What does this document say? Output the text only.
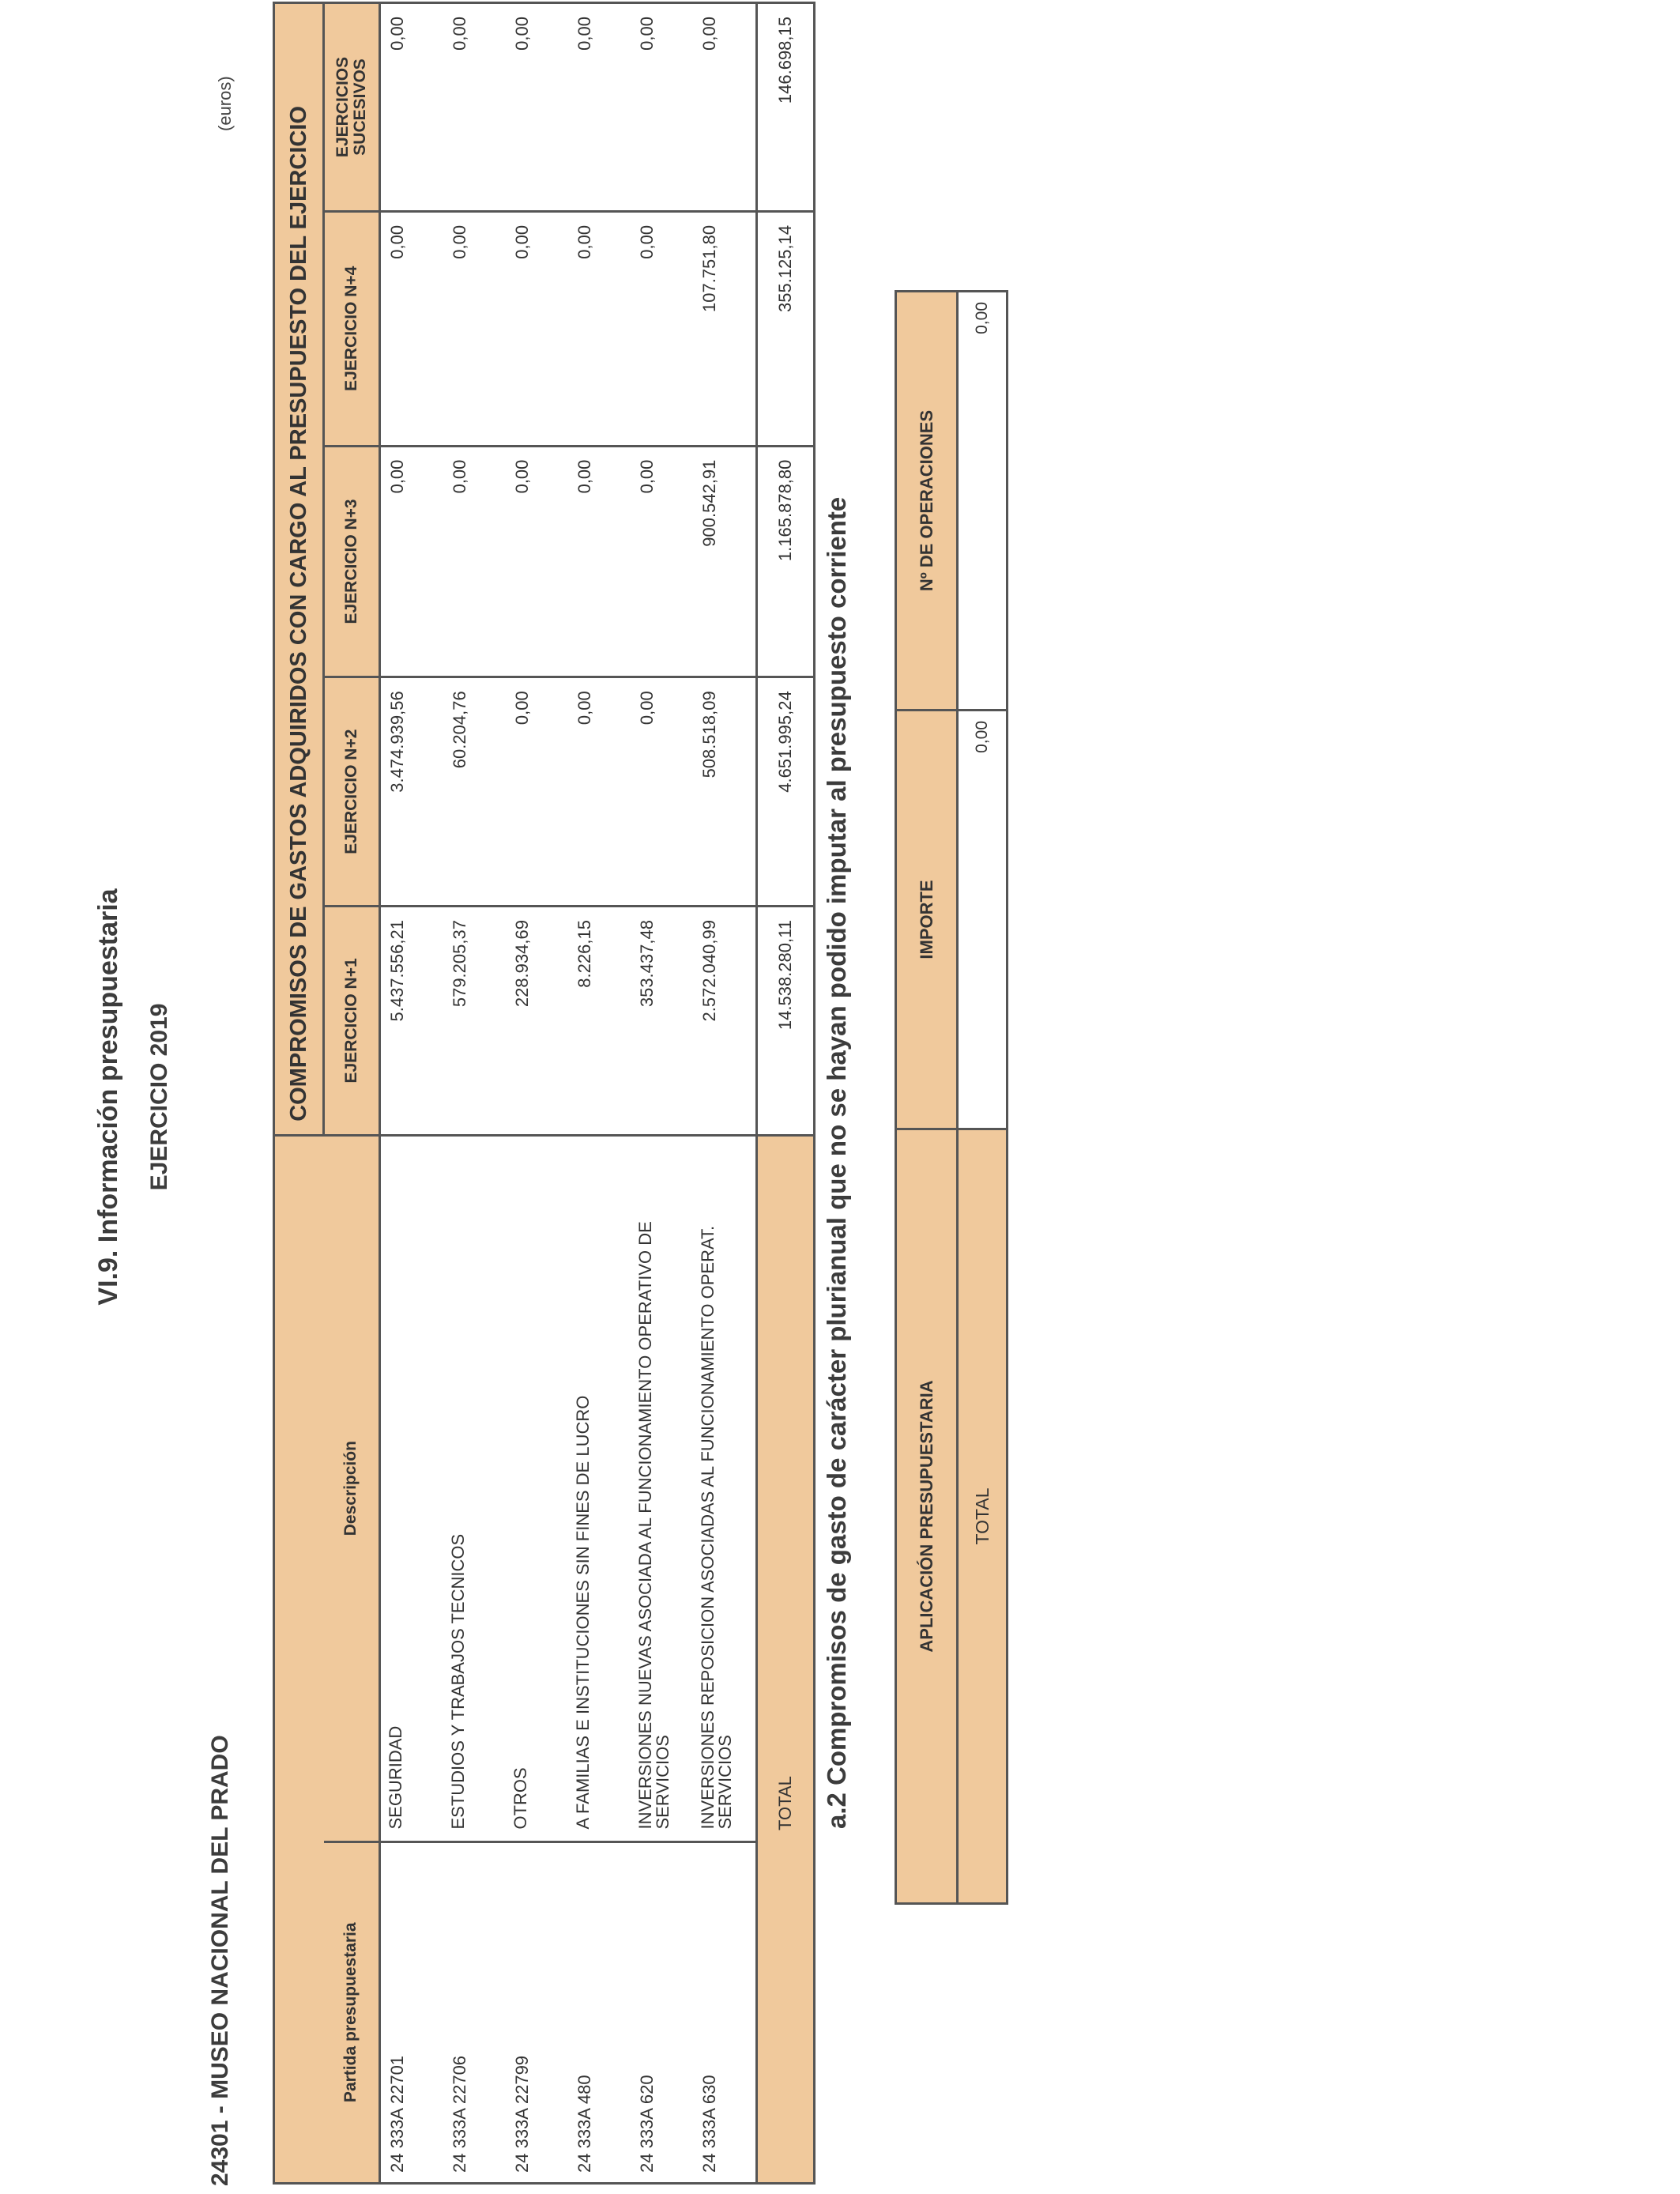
VI.9. Información presupuestaria EJERCICIO 2019
24301 - MUSEO NACIONAL DEL PRADO
(euros)
		COMPROMISOS DE GASTOS ADQUIRIDOS CON CARGO AL PRESUPUESTO DEL EJERCICIO				
Partida presupuestaria	Descripción	EJERCICIO N+1	EJERCICIO N+2	EJERCICIO N+3	EJERCICIO N+4	EJERCICIOS SUCESIVOS
24 333A 22701	SEGURIDAD	5.437.556,21	3.474.939,56	0,00	0,00	0,00
24 333A 22706	ESTUDIOS Y TRABAJOS TECNICOS	579.205,37	60.204,76	0,00	0,00	0,00
24 333A 22799	OTROS	228.934,69	0,00	0,00	0,00	0,00
24 333A 480	A FAMILIAS E INSTITUCIONES SIN FINES DE LUCRO	8.226,15	0,00	0,00	0,00	0,00
24 333A 620	INVERSIONES NUEVAS ASOCIADA AL FUNCIONAMIENTO OPERATIVO DE SERVICIOS	353.437,48	0,00	0,00	0,00	0,00
24 333A 630	INVERSIONES REPOSICION ASOCIADAS AL FUNCIONAMIENTO OPERAT. SERVICIOS	2.572.040,99	508.518,09	900.542,91	107.751,80	0,00
	TOTAL	14.538.280,11	4.651.995,24	1.165.878,80	355.125,14	146.698,15
a.2 Compromisos de gasto de carácter plurianual que no se hayan podido imputar al presupuesto corriente	APLICACIÓN PRESUPUESTARIA	IMPORTE	Nº DE OPERACIONES
TOTAL	0,00	0,00
